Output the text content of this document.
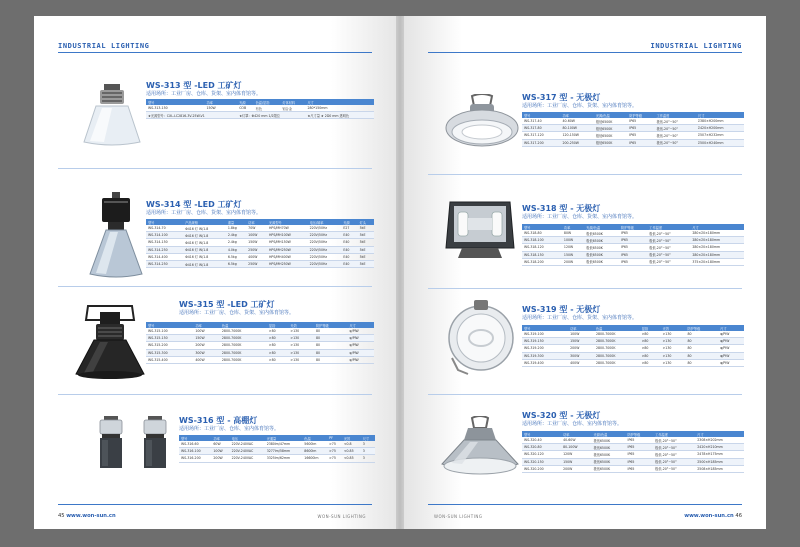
INDUSTRIAL LIGHTING
WS-313 型 -LED 工矿灯
适用场所：工业厂房、仓库、货架、室内体育馆等。
型号	功率	光源	色温/显指	灯体材料	尺寸
WS-313-150	150W	COB	有色	铝合金	280*150mm
★光源型号：CXL-LC2816-3V-25W-V1		★灯罩：Φ420 mm 1/2限位			★尺寸量 ★ 2D0 mm 透明色
WS-314 型 -LED 工矿灯
适用场所：工业厂房、仓库、货架、室内体育馆等。
型号	产品规格	重量	功率	光源型号	电压/频率	光源	灯头
WS-314-70	Φ416 灯 W/1.8	1.8kg	70W	HPS/MH70W	220V/50Hz	E27	5kE
WS-314-100	Φ416 灯 W/1.8	2.4kg	100W	HPS/MH100W	220V/50Hz	E40	5kE
WS-314-150	Φ416 灯 W/1.8	2.4kg	150W	HPS/MH150W	220V/50Hz	E40	5kE
WS-314-250	Φ416 灯 W/1.8	4.0kg	250W	HPS/MH250W	220V/50Hz	E40	5kE
WS-314-400	Φ416 灯 W/1.8	6.5kg	400W	HPS/MH400W	220V/50Hz	E40	5kE
WS-314-250	Φ416 灯 W/1.8	6.5kg	250W	HPS/MH250W	220V/50Hz	E40	5kE
WS-315 型 -LED 工矿灯
适用场所：工业厂房、仓库、货架、室内体育馆等。
型号	功率	色温	显指	光效	防护等级	尺寸
WS-315-100	100W	2800-7000K	>80	>130	80	φ/PIW
WS-315-150	150W	2800-7000K	>80	>130	80	φ/PIW
WS-315-200	200W	2800-7000K	>80	>130	80	φ/PIW
WS-315-300	300W	2800-7000K	>80	>130	80	φ/PIW
WS-315-400	400W	2800-7000K	>80	>130	80	φ/PIW
WS-316 型 - 高棚灯
适用场所：工业厂房、仓库、室内体育馆等。
型号	功率	电压	光通量	色温	PF	光效	尺寸
WS-316-60	60W	220V-240VAC	2380lm/47mm	5600lm	>75	<0.8	3
WS-316-100	100W	220V-240VAC	3277lm/58mm	8600lm	>75	<0.85	3
WS-316-200	200W	220V-240VAC	3325lm/62mm	16600lm	>75	<0.85	3
45 www.won-sun.cn	WON-SUN LIGHTING
INDUSTRIAL LIGHTING
WS-317 型 - 无极灯
适用场所：工业厂房、仓库、货架、室内体育馆等。
型号	功率	光源/色温	防护等级	工作温度	尺寸
WS-317-40	40-60W	极低6500K	IP65	极低-20°~50°	Σ380×H200mm
WS-317-80	80-100W	极低6500K	IP65	极低-20°~50°	Σ420×H200mm
WS-317-120	120-150W	极低6500K	IP65	极低-20°~50°	Σ507×H232mm
WS-317-200	200-250W	极低6500K	IP65	极低-20°~50°	Σ500×H240mm
WS-318 型 - 无极灯
适用场所：工业厂房、仓库、货架、室内体育馆等。
型号	功率	光源/色温	防护等级	工作温度	尺寸
WS-318-80	80W	极低6500K	IP65	极低-20°~50°	Σ80×Σ0×180mm
WS-318-100	100W	极低6500K	IP65	极低-20°~50°	Σ80×Σ0×180mm
WS-318-120	120W	极低6500K	IP65	极低-20°~50°	Σ80×Σ0×180mm
WS-318-150	150W	极低6500K	IP65	极低-20°~50°	Σ80×Σ0×180mm
WS-318-200	200W	极低6500K	IP65	极低-20°~50°	375×Σ0×180mm
WS-319 型 - 无极灯
适用场所：工业厂房、仓库、货架、室内体育馆等。
型号	功率	色温	显指	光效	防护等级	尺寸
WS-319-100	100W	2800-7000K	>80	>130	80	φ/PIW
WS-319-150	150W	2800-7000K	>80	>130	80	φ/PIW
WS-319-200	200W	2800-7000K	>80	>130	80	φ/PIW
WS-319-300	300W	2800-7000K	>80	>130	80	φ/PIW
WS-319-400	400W	2800-7000K	>80	>130	80	φ/PIW
WS-320 型 - 无极灯
适用场所：工业厂房、仓库、室内体育馆等。
型号	功率	光源/色温	防护等级	工作温度	尺寸
WS-320-40	40-60W	极低6500K	IP65	极低-20°~50°	Σ308×H202mm
WS-320-80	80-100W	极低6500K	IP65	极低-20°~50°	Σ420×H210mm
WS-320-120	120W	极低6500K	IP65	极低-20°~50°	Σ478×H175mm
WS-320-150	150W	极低6500K	IP65	极低-20°~50°	Σ500×H185mm
WS-320-200	200W	极低6500K	IP65	极低-20°~50°	Σ508×H185mm
WON-SUN LIGHTING	www.won-sun.cn 46
